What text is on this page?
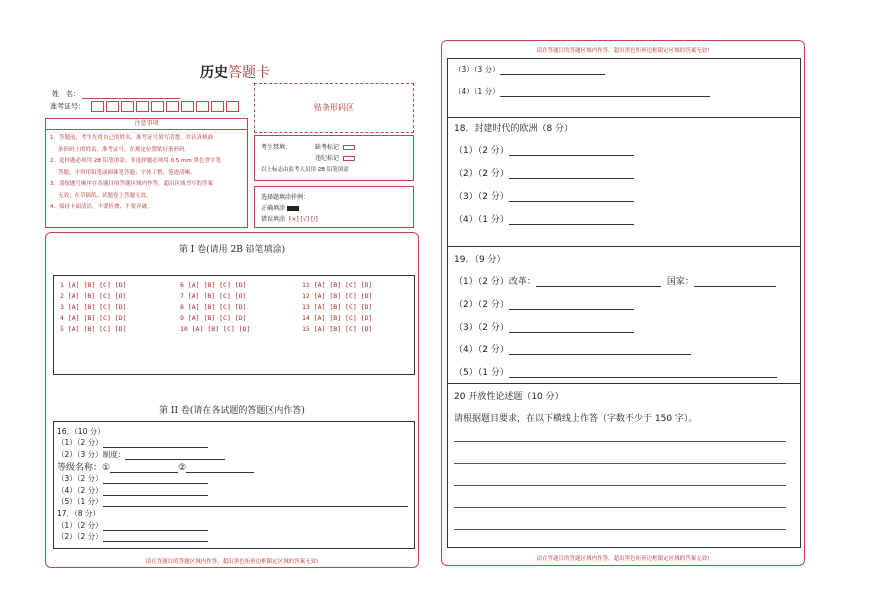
历史答题卡
姓　名：
准考证号：	贴条形码区
注意事项
1．答题前，考生先将自己的姓名、准考证号填写清楚，并认真核准
条形码上的姓名、准考证号，在规定位置贴好条形码。
2．选择题必须用 2B 铅笔填涂；非选择题必须用 0.5 mm 黑色签字笔
答题，不得用铅笔或圆珠笔答题；字体工整、笔迹清晰。
3．请按题号顺序在各题目的答题区域内作答，超出区域书写的答案
无效；在草稿纸、试题卷上答题无效。
4．保持卡面清洁，不要折叠、不要弄破。
考生禁填：	缺考标记
违纪标记
以上标志由监考人员用 2B 铅笔填涂
选择题填涂样例：
正确填涂
错误填涂 [×] [√] [/]
第 I 卷(请用 2B 铅笔填涂)
1 [A] [B] [C] [D]	6 [A] [B] [C] [D]	11 [A] [B] [C] [D]
2 [A] [B] [C] [D]	7 [A] [B] [C] [D]	12 [A] [B] [C] [D]
3 [A] [B] [C] [D]	8 [A] [B] [C] [D]	13 [A] [B] [C] [D]
4 [A] [B] [C] [D]	9 [A] [B] [C] [D]	14 [A] [B] [C] [D]
5 [A] [B] [C] [D]	10 [A] [B] [C] [D]	15 [A] [B] [C] [D]
第 II 卷(请在各试题的答题区内作答)
16．（10 分）
（1）（2 分）
（2）（3 分）制度：
等级名称：①	②
（3）（2 分）
（4）（2 分）
（5）（1 分）
17．（8 分）
（1）（2 分）
（2）（2 分）
请在答题目的答题区域内作答，超出黑色矩形边框限定区域的答案无效!
请在答题目的答题区域内作答，超出黑色矩形边框限定区域的答案无效!
（3）（3 分）
（4）（1 分）
18．封建时代的欧洲（8 分）
（1）（2 分）
（2）（2 分）
（3）（2 分）
（4）（1 分）
19．（9 分）
（1）（2 分）改革：	国家：
（2）（2 分）
（3）（2 分）
（4）（2 分）
（5）（1 分）
20 开放性论述题（10 分）
请根据题目要求，在以下横线上作答（字数不少于 150 字）。
请在答题目的答题区域内作答，超出黑色矩形边框限定区域的答案无效!
